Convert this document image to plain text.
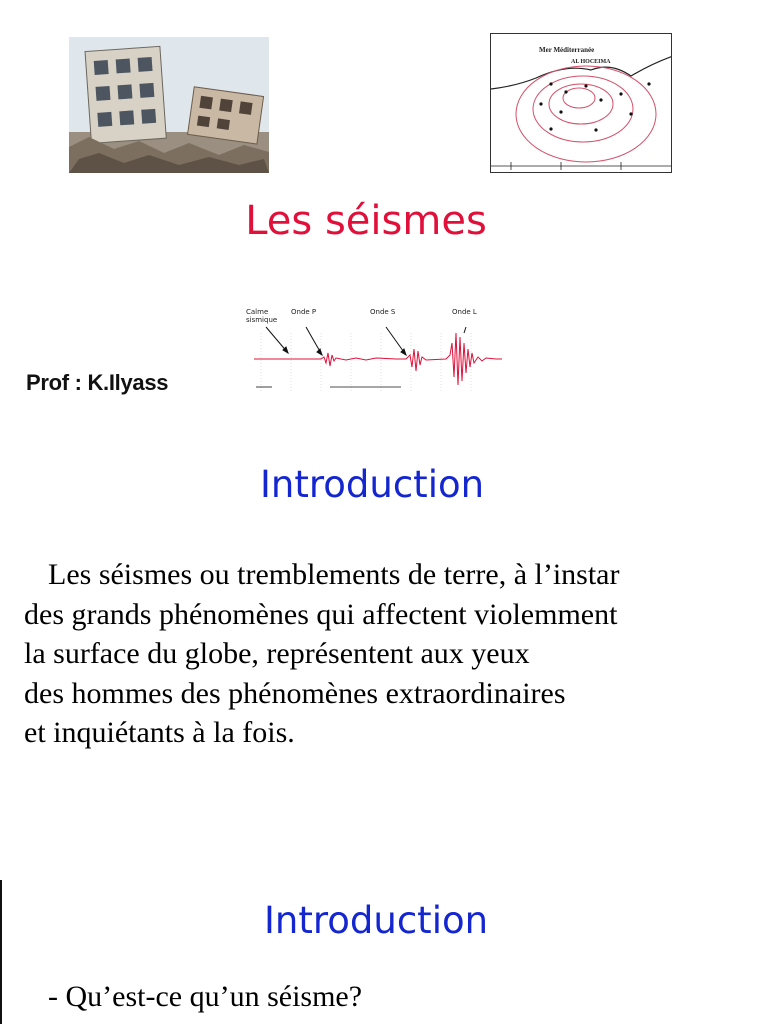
Mer Méditerranée
AL HOCEIMA
Les séismes
Prof : K.Ilyass
Calme
sismique
Onde P	Onde S	Onde L
Introduction

Les séismes ou tremblements de terre, à l’instar
des grands phénomènes qui affectent violemment
la surface du globe, représentent aux yeux
des hommes des phénomènes extraordinaires
et inquiétants à la fois.

Introduction
- Qu’est-ce qu’un séisme?
